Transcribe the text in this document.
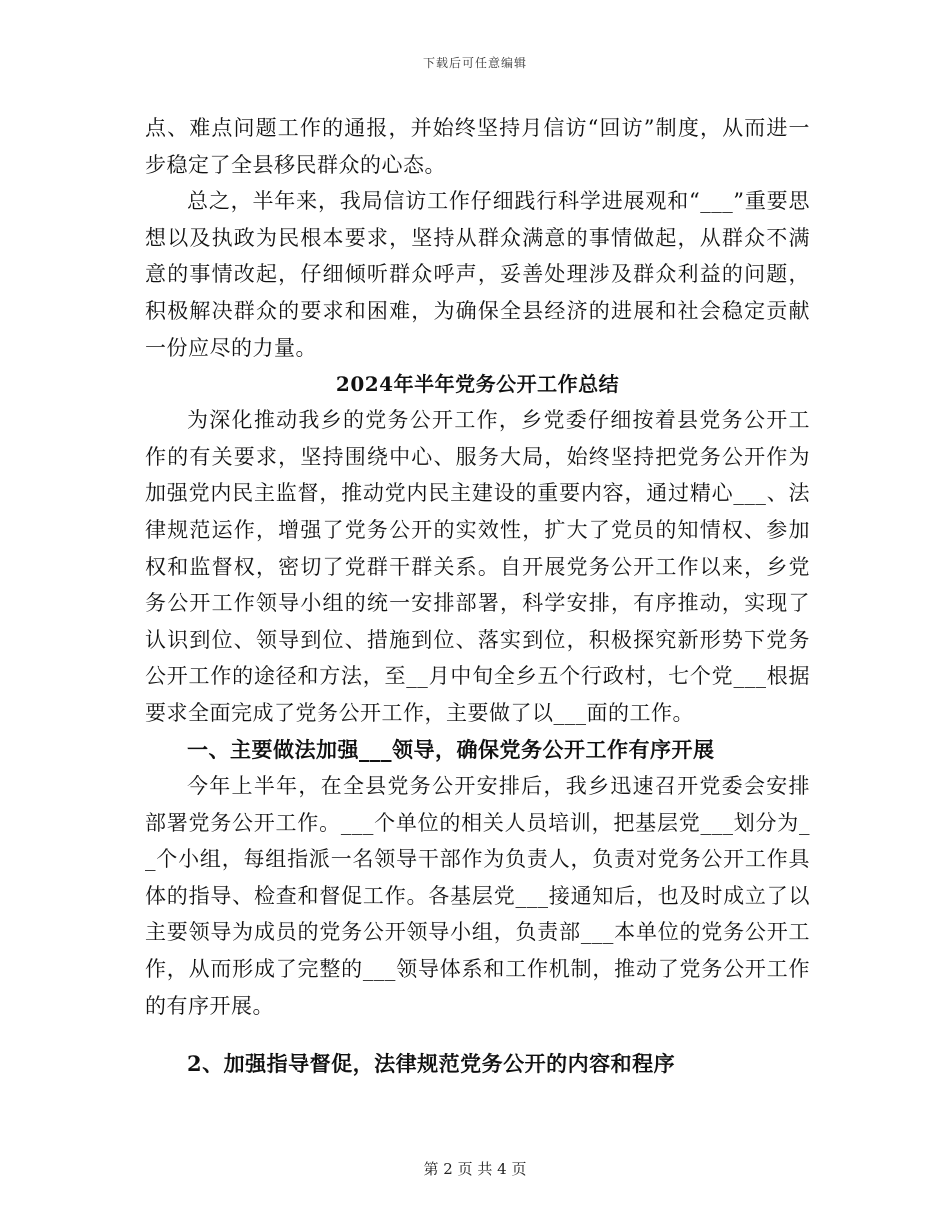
下载后可任意编辑

点、难点问题工作的通报，并始终坚持月信访“回访”制度，从而进一步稳定了全县移民群众的心态。

总之，半年来，我局信访工作仔细践行科学进展观和“___”重要思想以及执政为民根本要求，坚持从群众满意的事情做起，从群众不满意的事情改起，仔细倾听群众呼声，妥善处理涉及群众利益的问题，积极解决群众的要求和困难，为确保全县经济的进展和社会稳定贡献一份应尽的力量。

2024年半年党务公开工作总结

为深化推动我乡的党务公开工作，乡党委仔细按着县党务公开工作的有关要求，坚持围绕中心、服务大局，始终坚持把党务公开作为加强党内民主监督，推动党内民主建设的重要内容，通过精心___、法律规范运作，增强了党务公开的实效性，扩大了党员的知情权、参加权和监督权，密切了党群干群关系。自开展党务公开工作以来，乡党务公开工作领导小组的统一安排部署，科学安排，有序推动，实现了认识到位、领导到位、措施到位、落实到位，积极探究新形势下党务公开工作的途径和方法，至__月中旬全乡五个行政村，七个党___根据要求全面完成了党务公开工作，主要做了以___面的工作。

一、主要做法加强___领导，确保党务公开工作有序开展

今年上半年，在全县党务公开安排后，我乡迅速召开党委会安排部署党务公开工作。___个单位的相关人员培训，把基层党___划分为__个小组，每组指派一名领导干部作为负责人，负责对党务公开工作具体的指导、检查和督促工作。各基层党___接通知后，也及时成立了以主要领导为成员的党务公开领导小组，负责部___本单位的党务公开工作，从而形成了完整的___领导体系和工作机制，推动了党务公开工作的有序开展。

2、加强指导督促，法律规范党务公开的内容和程序
第 2 页 共 4 页
